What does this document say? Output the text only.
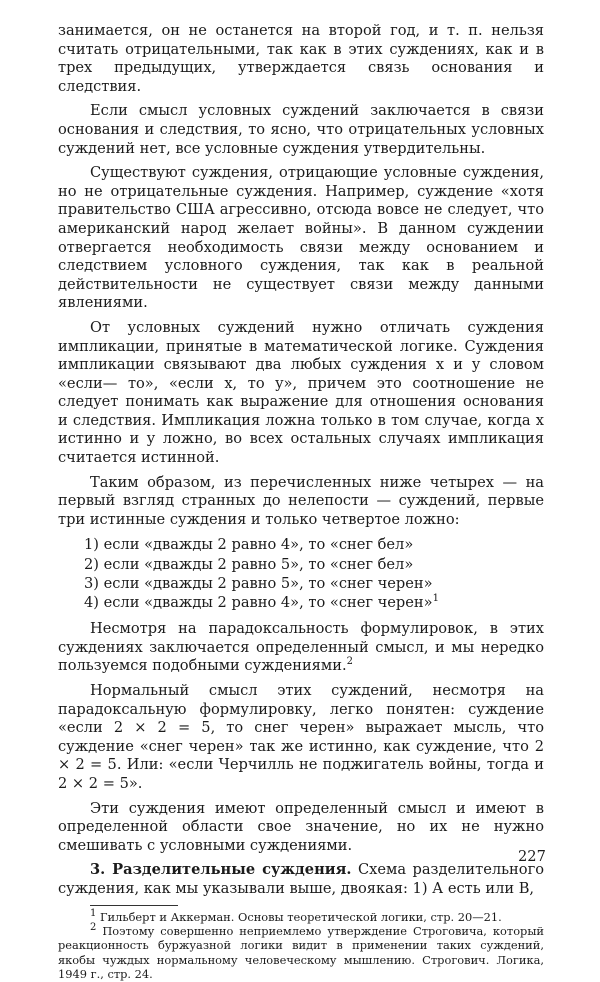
занимается, он не останется на второй год, и т. п. нельзя считать отрицательными, так как в этих суждениях, как и в трех предыдущих, утверждается связь основания и следствия.

Если смысл условных суждений заключается в связи основания и следствия, то ясно, что отрицательных условных суждений нет, все условные суждения утвердительны.

Существуют суждения, отрицающие условные суждения, но не отрицательные суждения. Например, суждение «хотя правительство США агрессивно, отсюда вовсе не следует, что американский народ желает войны». В данном суждении отвергается необходимость связи между основанием и следствием условного суждения, так как в реальной действительности не существует связи между данными явлениями.

От условных суждений нужно отличать суждения импликации, принятые в математической логике. Суждения импликации связывают два любых суждения x и y словом «если— то», «если x, то y», причем это соотношение не следует понимать как выражение для отношения основания и следствия. Импликация ложна только в том случае, когда x истинно и y ложно, во всех остальных случаях импликация считается истинной.

Таким образом, из перечисленных ниже четырех — на первый взгляд странных до нелепости — суждений, первые три истинные суждения и только четвертое ложно:

1) если «дважды 2 равно 4», то «снег бел»
2) если «дважды 2 равно 5», то «снег бел»
3) если «дважды 2 равно 5», то «снег черен»
4) если «дважды 2 равно 4», то «снег черен»$^1$

Несмотря на парадоксальность формулировок, в этих суждениях заключается определенный смысл, и мы нередко пользуемся подобными суждениями.$^2$

Нормальный смысл этих суждений, несмотря на парадоксальную формулировку, легко понятен: суждение «если 2 × 2 = 5, то снег черен» выражает мысль, что суждение «снег черен» так же истинно, как суждение, что 2 × 2 = 5. Или: «если Черчилль не поджигатель войны, тогда и 2 × 2 = 5».

Эти суждения имеют определенный смысл и имеют в определенной области свое значение, но их не нужно смешивать с условными суждениями.

3. Разделительные суждения. Схема разделительного суждения, как мы указывали выше, двоякая: 1) А есть или В,

1 Гильберт и Аккерман. Основы теоретической логики, стр. 20—21.

2 Поэтому совершенно неприемлемо утверждение Строговича, который реакционность буржуазной логики видит в применении таких суждений, якобы чуждых нормальному человеческому мышлению. Строгович. Логика, 1949 г., стр. 24.

227
